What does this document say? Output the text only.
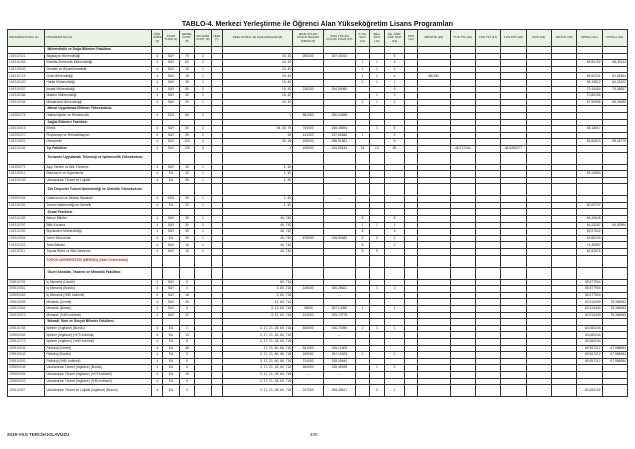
TABLO-4. Merkezi Yerleştirme ile Öğrenci Alan Yükseköğretim Lisans Programları
PROGRAM KODU (1)	PROGRAM ADI (2)	ÖĞR. SÜRE (3)	PUAN TÜRÜ (4)	GENEL KONT. (5)	OKULBİR. KONT. (6)	YERL. (7)	ÖZEL KOŞUL VE AÇIKLAMALAR (8)	2018-YKS EN KÜÇÜK BAŞARI SIRASI (9)	2018-YKS EN KÜÇÜK PUAN (10)	K.OK. SAYI (11)	ŞEH. SAYI (12)	ŞH. ÖĞR. ÇNK SAYI (13)	SAYI (14)	ARKSİTE (15)	TUS TT1 (16)	TUS TT2 (17)	TUS KTP (18)	DUS (19)	AB ÁYP (20)	KPSS-1 (21)	KPSS-2 (22)
	Mühendislik ve Doğa Bilimleri Fakültesi																				
104310321	Bilgisayar Mühendisliği	4	SAY	70	2		15, 40	260000	257,00014			5									
104310405	Elektrik-Elektronik Mühendisliği	4	SAY	60	2		15, 40			1	1	4								65,50752	65,30114
104310643	Genetik ve Biyomühendislik	4	SAY	15	1		15, 40			1	1	4									
104310715	Gıda Mühendisliği	4	SAY	15	1		15, 40			1	1	4		MÜZİK						69,92231	61,54564
104310420	Harita Mühendisliği	4	SAY	30	1		15, 40			2	1	1								65,19812	64,22422
104310437	İnşaat Mühendisliği	4	SAY	60	2		15, 40	216200	264,59060			6								70,10454	70,08837
104310288	Makine Mühendisliği	4	SAY	30	1		15, 40				1	3								70,80155	
104310344	Mekatronik Mühendisliği	4	SAY	30	1		15, 40			2	1	2								67,50555	65,34655
	Mimar Uygulamalı Bilimler Yüksekokulu																				
104390275	Halkla İlişkiler ve Reklamcılık	4	SÖZ	60	2		1	581000	250,04696												
	Sağlık Bilimleri Fakültesi																				
104310615	Ebelik	4	SAY	60	2		38, 45, 79	740000	265,48654		1	5								65,18517	
104390270	Fizyoterapi ve Rehabilitasyon	4	SAY	35	2		46	141000	297,60846	1		2									
104310622	Hemşirelik	4	SAY	100	3		38, 46	158000	286,91881			8								65,82623	58,25779
104310164	Tıp Fakültesi	4	SAY	135	5		4	106000	463,68184	18	13	85			48,372164		48,5363277				
	Turizmde Uygulamalı Teknoloji ve İşletmecilik Yüksekokulu																				
104390271	Aşçı Yardım ve Aile Yönetimi	4	SAY	40	1		1, 40														
104310512	Bankacılık ve Sigortacılık	4	EA	40	1		1, 40													65,12654	
104310039	Uluslararası Ticaret ve Lojistik	4	EA	35	1		1, 40														
	Zile Dinçerler Turizm İşletmeciliği ve Otelcilik Yüksekokulu																				
104390344	Gastronomi ve Mutfak Sanatları	4	SÖZ	35	1		1, 40		---												
104310252	Turizm İşletmeciliği ve Otelcilik	4	EA	20	1		1, 40													60,00707	
	Ziraat Fakültesi																				
104310285	Bahçe Bitkileri	4	SAY	35	1		46, 740			8		8								65,19648	
104310297	Bitki Koruma	4	SAY	30	1		46, 740			1	1	1								64,25287	64,30994
104310300	Biyosistem Mühendisliği	4	SAY	35	1		46, 740			6		3								63,97542	
104310504	Tarım Ekonomisi	4	EA	35	1		46, 740	676000	226,50482	6	2	2								63,50240	
104310322	Tarla Bitkileri	4	SAY	15	1		46, 740			5		2								74,30857	
104310311	Toprak Bilimi ve Bitki Besleme	4	SAY	15	1		46, 740			5	5									62,52576	
	TOROS ÜNİVERSİTESİ (MERSİN) (Vakıf Üniversitesi)																				
	Güzel Sanatlar, Tasarım ve Mimarlık Fakültesi																				
205510794	İç Mimarlık (Ücretli)	4	SAY	9			60, 716													55,977904	
205510801	İç Mimarlık (Burslu)	4	SAY	3			3, 60, 716	146000	300,28621		1	2								55,977904	
205590062	İç Mimarlık (%50 İndirimli)	4	SAY	18			3, 60, 716		---											55,977904	
205510555	Mimarlık (Ücretli)	4	SAY	25			13, 60, 716													62,913449	75,366953
205510564	Mimarlık (Burslu)	4	SAY	5			3, 13, 60, 716	76600	367,14050	1		1								62,913449	75,366953
205510573	Mimarlık (%50 İndirimli)	4	SAY	20			3, 13, 60, 716	124000	325,13775											62,913449	75,366953
	İktisadi, İdari ve Sosyal Bilimler Fakültesi																				
205510784	İşletme (İngilizce) (Burslu)	4	EA	2			3, 17, 21, 28, 60, 716	466000	240,73490	2	1	1								63,082244	
205590063	İşletme (İngilizce) (%75 İndirimli)	4	EA	13			3, 17, 21, 28, 60, 716		---											63,082244	
205510773	İşletme (İngilizce) (%50 İndirimli)	4	EA	5			3, 17, 21, 28, 60, 716													63,082244	
205510634	Psikoloji (Ücretli)	4	EA	48			17, 21, 60, 86, 716	541000	226,12405											65,957212	67,986654
205510643	Psikoloji (Burslu)	4	EA	9			3, 17, 21, 60, 86, 716	169000	357,10425	2		2								65,957212	67,986654
205510652	Psikoloji (%50 İndirimli)	4	EA	9			3, 17, 21, 60, 86, 716	374000	335,09640											65,957212	67,986654
205590045	Uluslararası Ticaret (İngilizce) (Burslu)	4	EA	5			3, 17, 21, 28, 60, 716	460000	228,45025		1	2									
205590054	Uluslararası Ticaret (İngilizce) (%75 İndirimli)	4	EA	18			3, 17, 21, 28, 60, 716	---	---												
205590043	Uluslararası Ticaret (İngilizce) (%50 İndirimli)	4	EA	9			3, 17, 21, 28, 60, 716														
205510507	Uluslararası Ticaret ve Lojistik (İngilizce) (Burslu)	4	EA	3			3, 17, 21, 28, 60, 716	247000	284,45617		2	2								63,082152	
2019-YKS TERCİH KILAVUZU	400
